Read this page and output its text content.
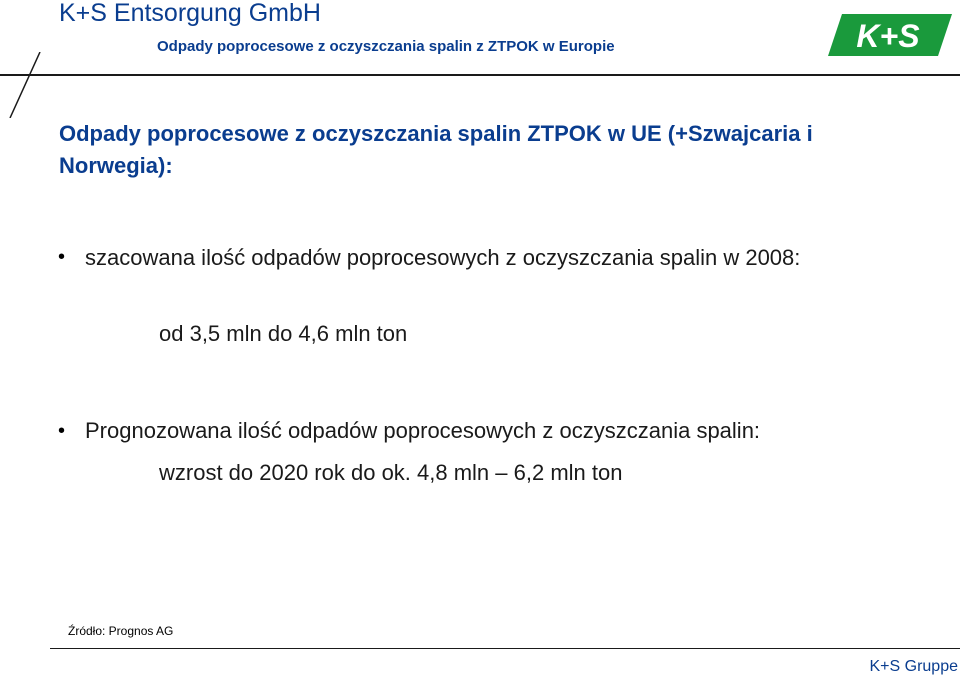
K+S Entsorgung GmbH
Odpady poprocesowe z oczyszczania spalin z ZTPOK w Europie	K+S
Odpady poprocesowe z oczyszczania spalin ZTPOK w UE (+Szwajcaria i Norwegia):
• szacowana ilość odpadów poprocesowych z oczyszczania spalin w 2008:
od 3,5 mln do 4,6 mln ton
• Prognozowana ilość odpadów poprocesowych z oczyszczania spalin:
wzrost do 2020 rok do ok. 4,8 mln – 6,2 mln ton
Źródło: Prognos AG
K+S Gruppe
